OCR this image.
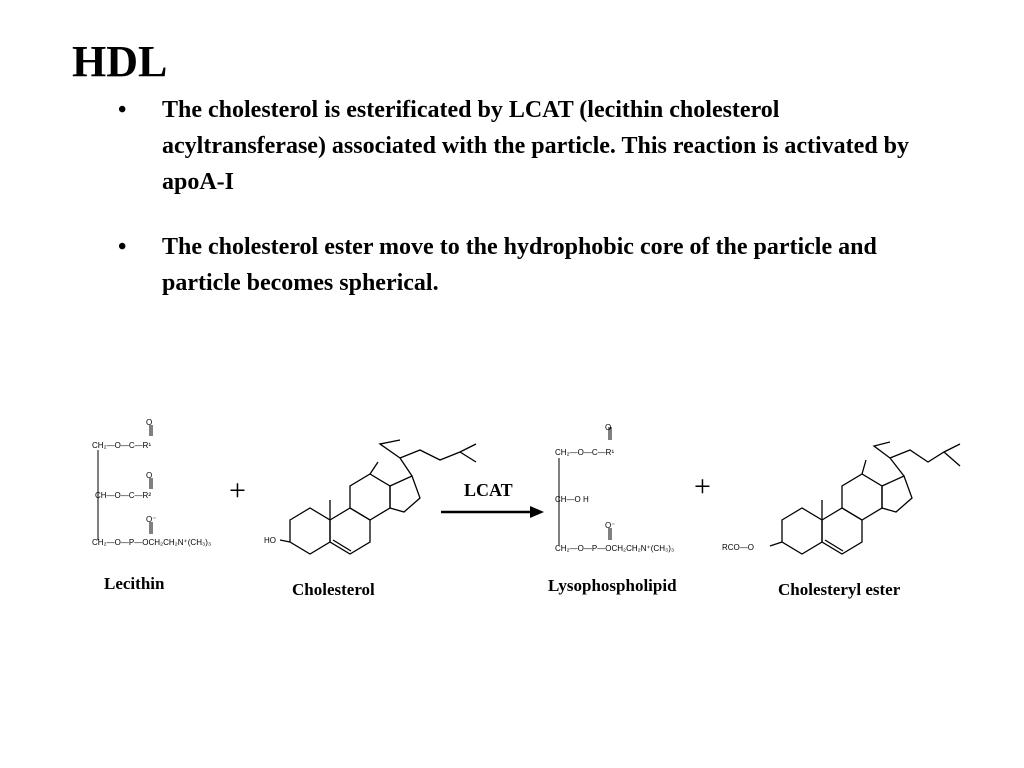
HDL
•	The cholesterol is esterificated by LCAT (lecithin cholesterol acyltransferase) associated with the particle. This reaction is activated by apoA-I
•	The cholesterol ester move to the hydrophobic core of the particle and particle becomes spherical.
O
CH₂—O—C—R¹
O
CH—O—C—R²
O⁻
CH₂—O—P—OCH₂CH₂N⁺(CH₃)₃	HO
O
CH₂—O—C—R¹
CH—O H
O⁻
CH₂—O—P—OCH₂CH₂N⁺(CH₃)₃	RCO—O
+	+
LCAT
Lecithin	Cholesterol	Lysophospholipid	Cholesteryl ester
